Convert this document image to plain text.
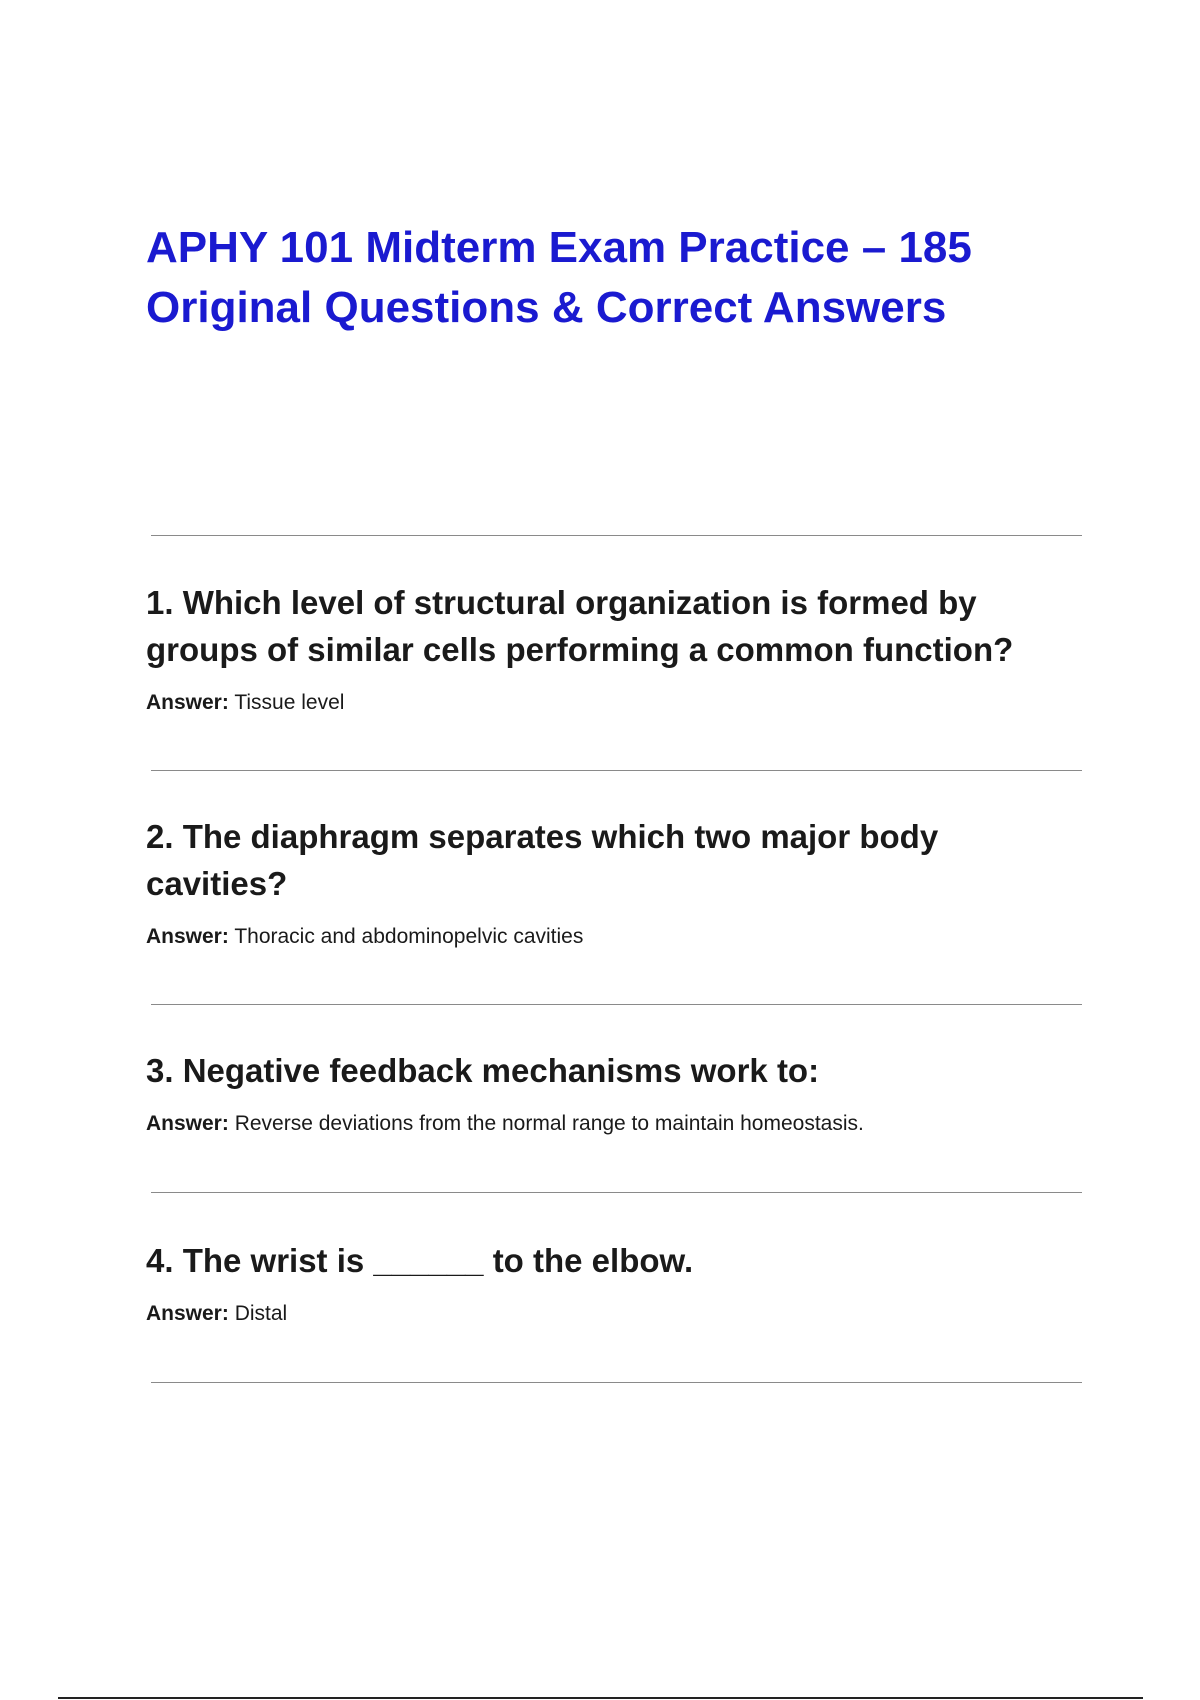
APHY 101 Midterm Exam Practice – 185 Original Questions & Correct Answers

1. Which level of structural organization is formed by groups of similar cells performing a common function?

Answer: Tissue level

2. The diaphragm separates which two major body cavities?

Answer: Thoracic and abdominopelvic cavities

3. Negative feedback mechanisms work to:

Answer: Reverse deviations from the normal range to maintain homeostasis.

4. The wrist is ______ to the elbow.

Answer: Distal
